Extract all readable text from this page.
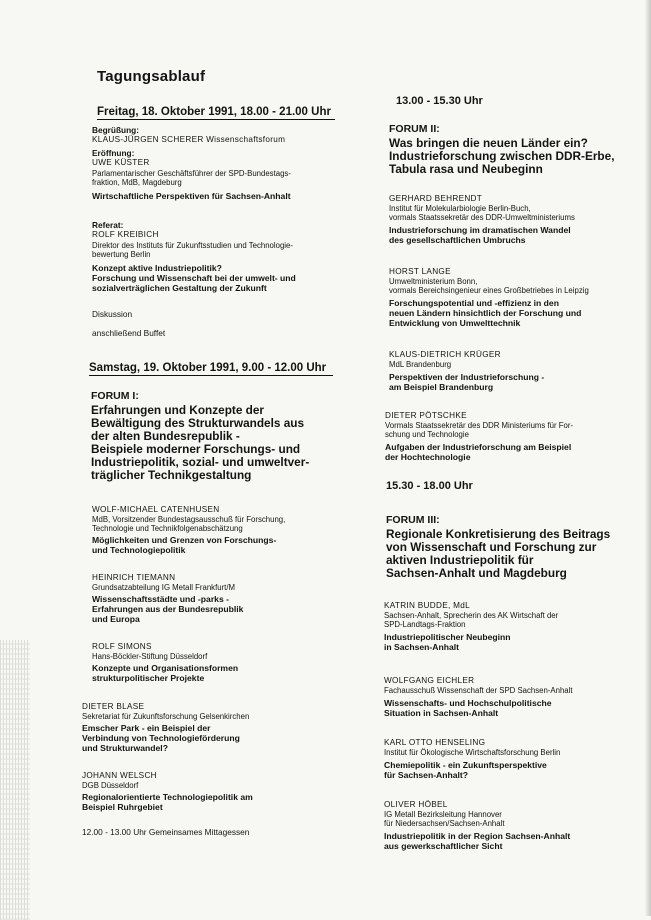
Tagungsablauf
Freitag, 18. Oktober 1991, 18.00 - 21.00 Uhr
Begrüßung:
KLAUS-JÜRGEN SCHERER Wissenschaftsforum
Eröffnung:
UWE KÜSTER
Parlamentarischer Geschäftsführer der SPD-Bundestags-
fraktion, MdB, Magdeburg
Wirtschaftliche Perspektiven für Sachsen-Anhalt
Referat:
ROLF KREIBICH
Direktor des Instituts für Zukunftsstudien und Technologie-
bewertung Berlin
Konzept aktive Industriepolitik?
Forschung und Wissenschaft bei der umwelt- und
sozialverträglichen Gestaltung der Zukunft
Diskussion
anschließend Buffet
Samstag, 19. Oktober 1991, 9.00 - 12.00 Uhr
FORUM I:
Erfahrungen und Konzepte der
Bewältigung des Strukturwandels aus
der alten Bundesrepublik -
Beispiele moderner Forschungs- und
Industriepolitik, sozial- und umweltver-
träglicher Technikgestaltung
WOLF-MICHAEL CATENHUSEN
MdB, Vorsitzender Bundestagsausschuß für Forschung,
Technologie und Technikfolgenabschätzung
Möglichkeiten und Grenzen von Forschungs-
und Technologiepolitik
HEINRICH TIEMANN
Grundsatzabteilung IG Metall Frankfurt/M
Wissenschaftsstädte und -parks -
Erfahrungen aus der Bundesrepublik
und Europa
ROLF SIMONS
Hans-Böckler-Stiftung Düsseldorf
Konzepte und Organisationsformen
strukturpolitischer Projekte
DIETER BLASE
Sekretariat für Zukunftsforschung Gelsenkirchen
Emscher Park - ein Beispiel der
Verbindung von Technologieförderung
und Strukturwandel?
JOHANN WELSCH
DGB Düsseldorf
Regionalorientierte Technologiepolitik am
Beispiel Ruhrgebiet
12.00 - 13.00 Uhr Gemeinsames Mittagessen
13.00 - 15.30 Uhr
FORUM II:
Was bringen die neuen Länder ein?
Industrieforschung zwischen DDR-Erbe,
Tabula rasa und Neubeginn
GERHARD BEHRENDT
Institut für Molekularbiologie Berlin-Buch,
vormals Staatssekretär des DDR-Umweltministeriums
Industrieforschung im dramatischen Wandel
des gesellschaftlichen Umbruchs
HORST LANGE
Umweltministerium Bonn,
vormals Bereichsingenieur eines Großbetriebes in Leipzig
Forschungspotential und -effizienz in den
neuen Ländern hinsichtlich der Forschung und
Entwicklung von Umwelttechnik
KLAUS-DIETRICH KRÜGER
MdL Brandenburg
Perspektiven der Industrieforschung -
am Beispiel Brandenburg
DIETER PÖTSCHKE
Vormals Staatssekretär des DDR Ministeriums für For-
schung und Technologie
Aufgaben der Industrieforschung am Beispiel
der Hochtechnologie
15.30 - 18.00 Uhr
FORUM III:
Regionale Konkretisierung des Beitrags
von Wissenschaft und Forschung zur
aktiven Industriepolitik für
Sachsen-Anhalt und Magdeburg
KATRIN BUDDE, MdL
Sachsen-Anhalt, Sprecherin des AK Wirtschaft der
SPD-Landtags-Fraktion
Industriepolitischer Neubeginn
in Sachsen-Anhalt
WOLFGANG EICHLER
Fachausschuß Wissenschaft der SPD Sachsen-Anhalt
Wissenschafts- und Hochschulpolitische
Situation in Sachsen-Anhalt
KARL OTTO HENSELING
Institut für Ökologische Wirtschaftsforschung Berlin
Chemiepolitik - ein Zukunftsperspektive
für Sachsen-Anhalt?
OLIVER HÖBEL
IG Metall Bezirksleitung Hannover
für Niedersachsen/Sachsen-Anhalt
Industriepolitik in der Region Sachsen-Anhalt
aus gewerkschaftlicher Sicht
